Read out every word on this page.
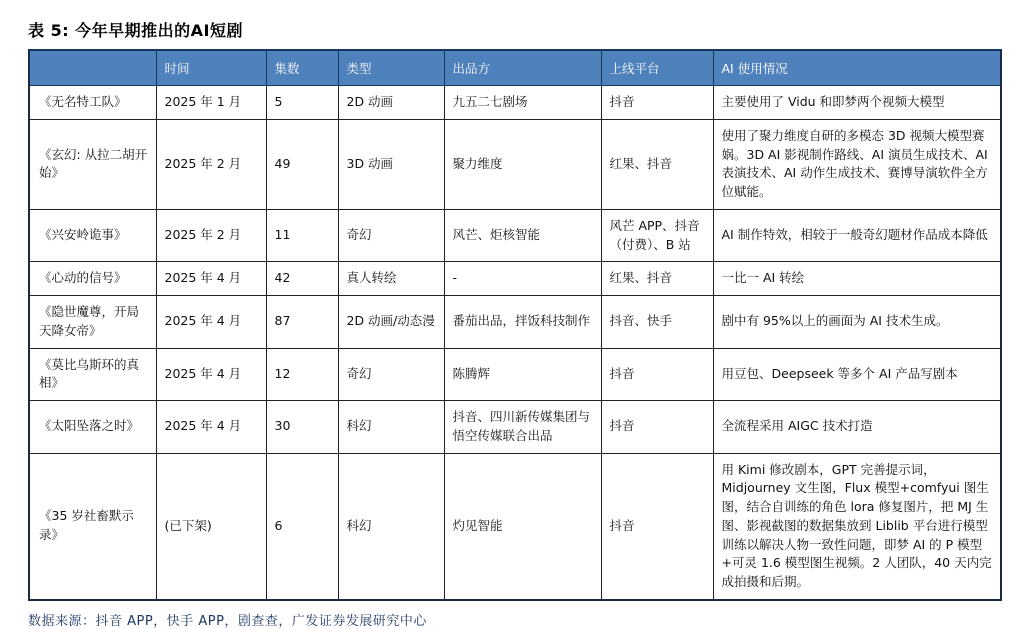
表 5: 今年早期推出的AI短剧
	时间	集数	类型	出品方	上线平台	AI 使用情况
《无名特工队》	2025 年 1 月	5	2D 动画	九五二七剧场	抖音	主要使用了 Vidu 和即梦两个视频大模型
《玄幻: 从拉二胡开始》	2025 年 2 月	49	3D 动画	聚力维度	红果、抖音	使用了聚力维度自研的多模态 3D 视频大模型赛娲。3D AI 影视制作路线、AI 演员生成技术、AI 表演技术、AI 动作生成技术、赛博导演软件全方位赋能。
《兴安岭诡事》	2025 年 2 月	11	奇幻	风芒、炬核智能	风芒 APP、抖音（付费）、B 站	AI 制作特效，相较于一般奇幻题材作品成本降低
《心动的信号》	2025 年 4 月	42	真人转绘	-	红果、抖音	一比一 AI 转绘
《隐世魔尊，开局天降女帝》	2025 年 4 月	87	2D 动画/动态漫	番茄出品，拌饭科技制作	抖音、快手	剧中有 95%以上的画面为 AI 技术生成。
《莫比乌斯环的真相》	2025 年 4 月	12	奇幻	陈腾辉	抖音	用豆包、Deepseek 等多个 AI 产品写剧本
《太阳坠落之时》	2025 年 4 月	30	科幻	抖音、四川新传媒集团与悟空传媒联合出品	抖音	全流程采用 AIGC 技术打造
《35 岁社畜默示录》	(已下架)	6	科幻	灼见智能	抖音	用 Kimi 修改剧本，GPT 完善提示词，Midjourney 文生图，Flux 模型+comfyui 图生图，结合自训练的角色 lora 修复图片，把 MJ 生图、影视截图的数据集放到 Liblib 平台进行模型训练以解决人物一致性问题，即梦 AI 的 P 模型+可灵 1.6 模型图生视频。2 人团队，40 天内完成拍摄和后期。
数据来源：抖音 APP，快手 APP，剧查查，广发证券发展研究中心
